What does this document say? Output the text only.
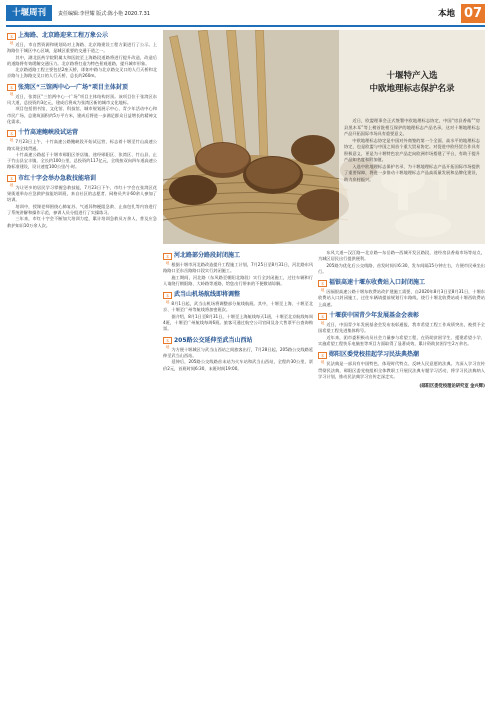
十堰周刊	责任编辑:李世耀 版式:陈小艳 2020.7.31	本地 07
本地
上海路、北京路迎来工程万象公示

近日，市自然资源和规划局对上海路、北京路建设工程方案进行了公示。上海路位于城区中心区域，是城区重要的交通干道之一。

其中，湖北医药学院附属太和医院至上海路段道路将进行提升改造，改造后的道路将有效缓解交通压力。北京路将打造为特色景观道路，提升城市形象。

北京路道路工程主要包括2座天桥，即如中路与北京路交叉口的人行天桥和北京路与上海路交叉口的人行天桥，总长约260m。

本地
张湾区“三馆两中心一广场”项目主体封顶

近日，张湾区“三馆两中心一广场”项目主体结构封顶。该项目位于张湾区东风大道，总投资约3亿元，建成后将成为张湾区新的城市文化地标。

项目包括图书馆、文化馆、科技馆、城市规划展示中心、青少年活动中心和市民广场，总建筑面积约5万平方米，建成后将进一步满足群众日益增长的精神文化需求。

本地
十竹高速鲍峡段试运营

7月23日上午，十竹高速公路鲍峡段开始试运营，标志着十堰至竹山高速公路实现全线贯通。

十竹高速公路起于十堰市郧阳区茶店镇，途经郧阳区、张湾区、竹山县，止于竹山县宝丰镇，全长约100公里，总投资约117亿元，全线按双向四车道高速公路标准建设，设计速度100公里/小时。

本地
市红十字会举办急救技能培训

为让更多的居民学习掌握急救技能，7月23日下午，市红十字会在张湾区花果街道举办应急救护技能培训班，来自社区的志愿者、网格员共计60余人参加了培训。

培训中，授课老师围绕心肺复苏、气道异物梗阻急救、止血包扎等内容进行了系统讲解和操作示范，参训人员分组进行了实操练习。

三年来，市红十字会不断加大培训力度，累计培训急救员万余人，普及应急救护知识10万余人次。

十堰特产入选
中欧地理标志保护名录

近日，欧盟理事会正式签署中欧地理标志协定，中国“房县香菇”“房县黑木耳”等上榜首批相互保护的地理标志产品名录，这对十堰地理标志产品开拓国际市场具有重要意义。

中欧地理标志协定是中国对外商签的第一个全面、高水平的地理标志协定，也是欧盟与中国之间首个重大贸易协定。对促进中欧经贸合作具有积极意义，更是为十堰特色农产品走向欧洲市场搭建了平台，有助于提升产品知名度和附加值。

入选中欧地理标志保护名录，为十堰地理标志产品开拓国际市场提供了重要保障，将进一步推动十堰地理标志产品高质量发展和品牌化建设，助力乡村振兴。

本地
河北路部分路段封闭施工

根据十堰市河北路改造提升工程施工计划，7月25日至8月31日，河北路东风路路口至东岳路路口段实行封闭施工。

施工期间，河北路（东风路至朝阳北路段）实行全封闭施工，过往车辆和行人请绕行朝阳路、大岭路等道路，给您出行带来的不便敬请谅解。

本地
武当山机场航线即将调整

8月1日起，武当山机场将调整部分航线航班。其中，十堰至上海、十堰至北京、十堰至广州等航线将加密班次。

据介绍，8月1日至8月31日，十堰至上海航线每天1班，十堰至北京航线每周4班，十堰至广州航线每周6班。旅客可通过航空公司官网及各大售票平台查询购票。

本地
205路公交延伸至武当山西站

为方便十堰城区与武当山西站之间旅客出行，7月28日起，205路公交线路延伸至武当山西站。

延伸后，205路公交线路首末站为火车站和武当山西站，全程约30公里，票价2元，首班时间6:30，末班时间19:00。

东风大道—汉江路—北京路—东岳路—西城开发区路段，途经房县香菇市场等站点，为城区居民出行提供便利。

205路为优化后公交线路，首发时间早6:30，发车间隔15分钟左右，方便市民乘坐出行。

本地
福银高速十堰东收费站入口封闭施工

因福银高速公路十堰东收费站改扩建施工需要，自2020年8月3日至8月31日，十堰东收费站入口封闭施工，过往车辆请提前规划行车路线，绕行十堰北收费站或十堰西收费站上高速。

本地
十堰获中国青少年发展基金会表彰

近日，中国青少年发展基金会发布表彰通报，我市希望工程工作成绩突出，被授予全国希望工程先进集体称号。

近年来，团市委积极动员社会力量参与希望工程，在资助贫困学生、援建希望小学、实施希望工程快乐电脑室等项目方面取得了显著成效，累计资助贫困学生2万余名。

本地
郧阳区委党校挂起学习民法典热潮

民法典是一部具有中国特色、体现时代特点、反映人民意愿的法典。为深入学习宣传贯彻民法典，郧阳区委党校组织全体教职工开展民法典专题学习活动，将学习民法典纳入学习计划，推动民法典学习宣传走深走实。

(郧阳区委党校理论研究室 金兴辉)
